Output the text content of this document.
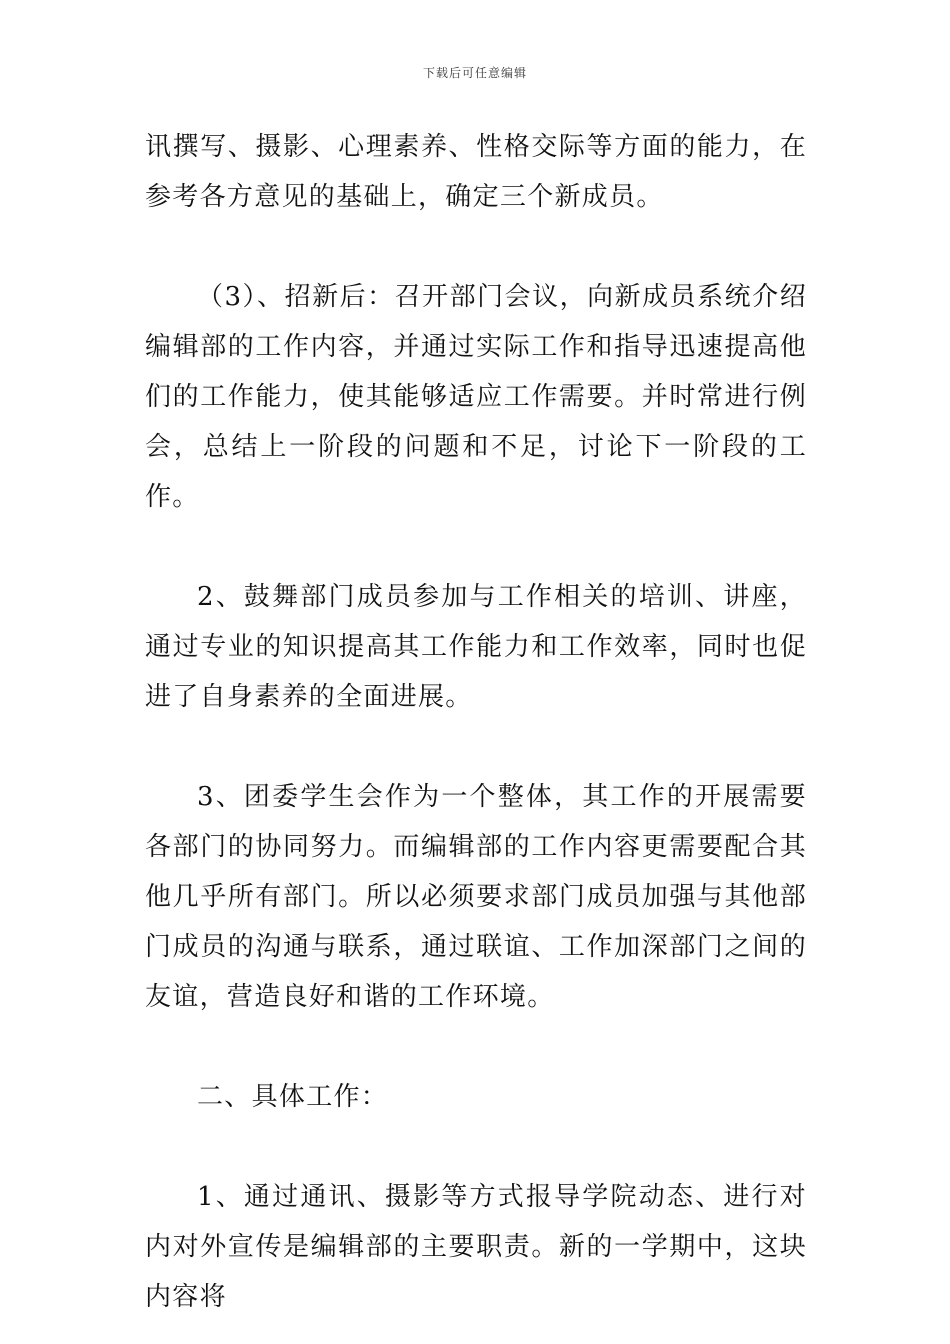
下载后可任意编辑

讯撰写、摄影、心理素养、性格交际等方面的能力，在参考各方意见的基础上，确定三个新成员。

（3）、招新后：召开部门会议，向新成员系统介绍编辑部的工作内容，并通过实际工作和指导迅速提高他们的工作能力，使其能够适应工作需要。并时常进行例会，总结上一阶段的问题和不足，讨论下一阶段的工作。

2、鼓舞部门成员参加与工作相关的培训、讲座，通过专业的知识提高其工作能力和工作效率，同时也促进了自身素养的全面进展。

3、团委学生会作为一个整体，其工作的开展需要各部门的协同努力。而编辑部的工作内容更需要配合其他几乎所有部门。所以必须要求部门成员加强与其他部门成员的沟通与联系，通过联谊、工作加深部门之间的友谊，营造良好和谐的工作环境。

二、具体工作：

1、通过通讯、摄影等方式报导学院动态、进行对内对外宣传是编辑部的主要职责。新的一学期中，这块内容将
